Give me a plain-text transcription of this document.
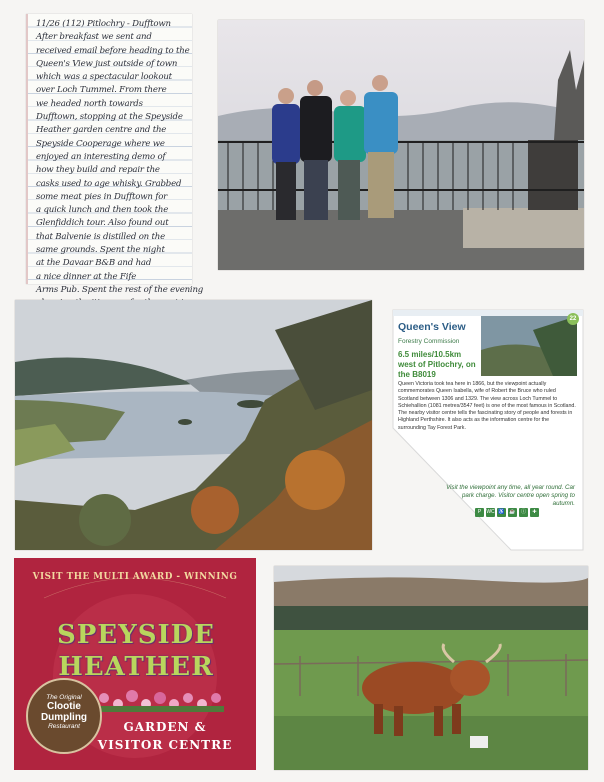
11/26 (112) Pitlochry - Dufftown
After breakfast we sent and
received email before heading to the
Queen's View just outside of town
which was a spectacular lookout
over Loch Tummel. From there
we headed north towards
Dufftown, stopping at the Speyside
Heather garden centre and the
Speyside Cooperage where we
enjoyed an interesting demo of
how they build and repair the
casks used to age whisky. Grabbed
some meat pies in Dufftown for
a quick lunch and then took the
Glenfiddich tour. Also found out
that Balvenie is distilled on the
same grounds. Spent the night
at the Davaar B&B and had
a nice dinner at the Fife
Arms Pub. Spent the rest of the evening
22
Queen's View
Forestry Commission
6.5 miles/10.5km west of Pitlochry, on the B8019
Queen Victoria took tea here in 1866, but the viewpoint actually commemorates Queen Isabella, wife of Robert the Bruce who ruled Scotland between 1306 and 1329. The view across Loch Tummel to Schiehallion (1081 metres/3547 feet) is one of the most famous in Scotland. The nearby visitor centre tells the fascinating story of people and forests in Highland Perthshire. It also acts as the information centre for the surrounding Tay Forest Park.
Visit the viewpoint any time, all year round. Car park charge. Visitor centre open spring to autumn.
P	WC ♿ ☕	ⓘ	✚
VISIT THE MULTI AWARD - WINNING
SPEYSIDE
HEATHER
The Original
Clootie
Dumpling
Restaurant	GARDEN &
VISITOR CENTRE
